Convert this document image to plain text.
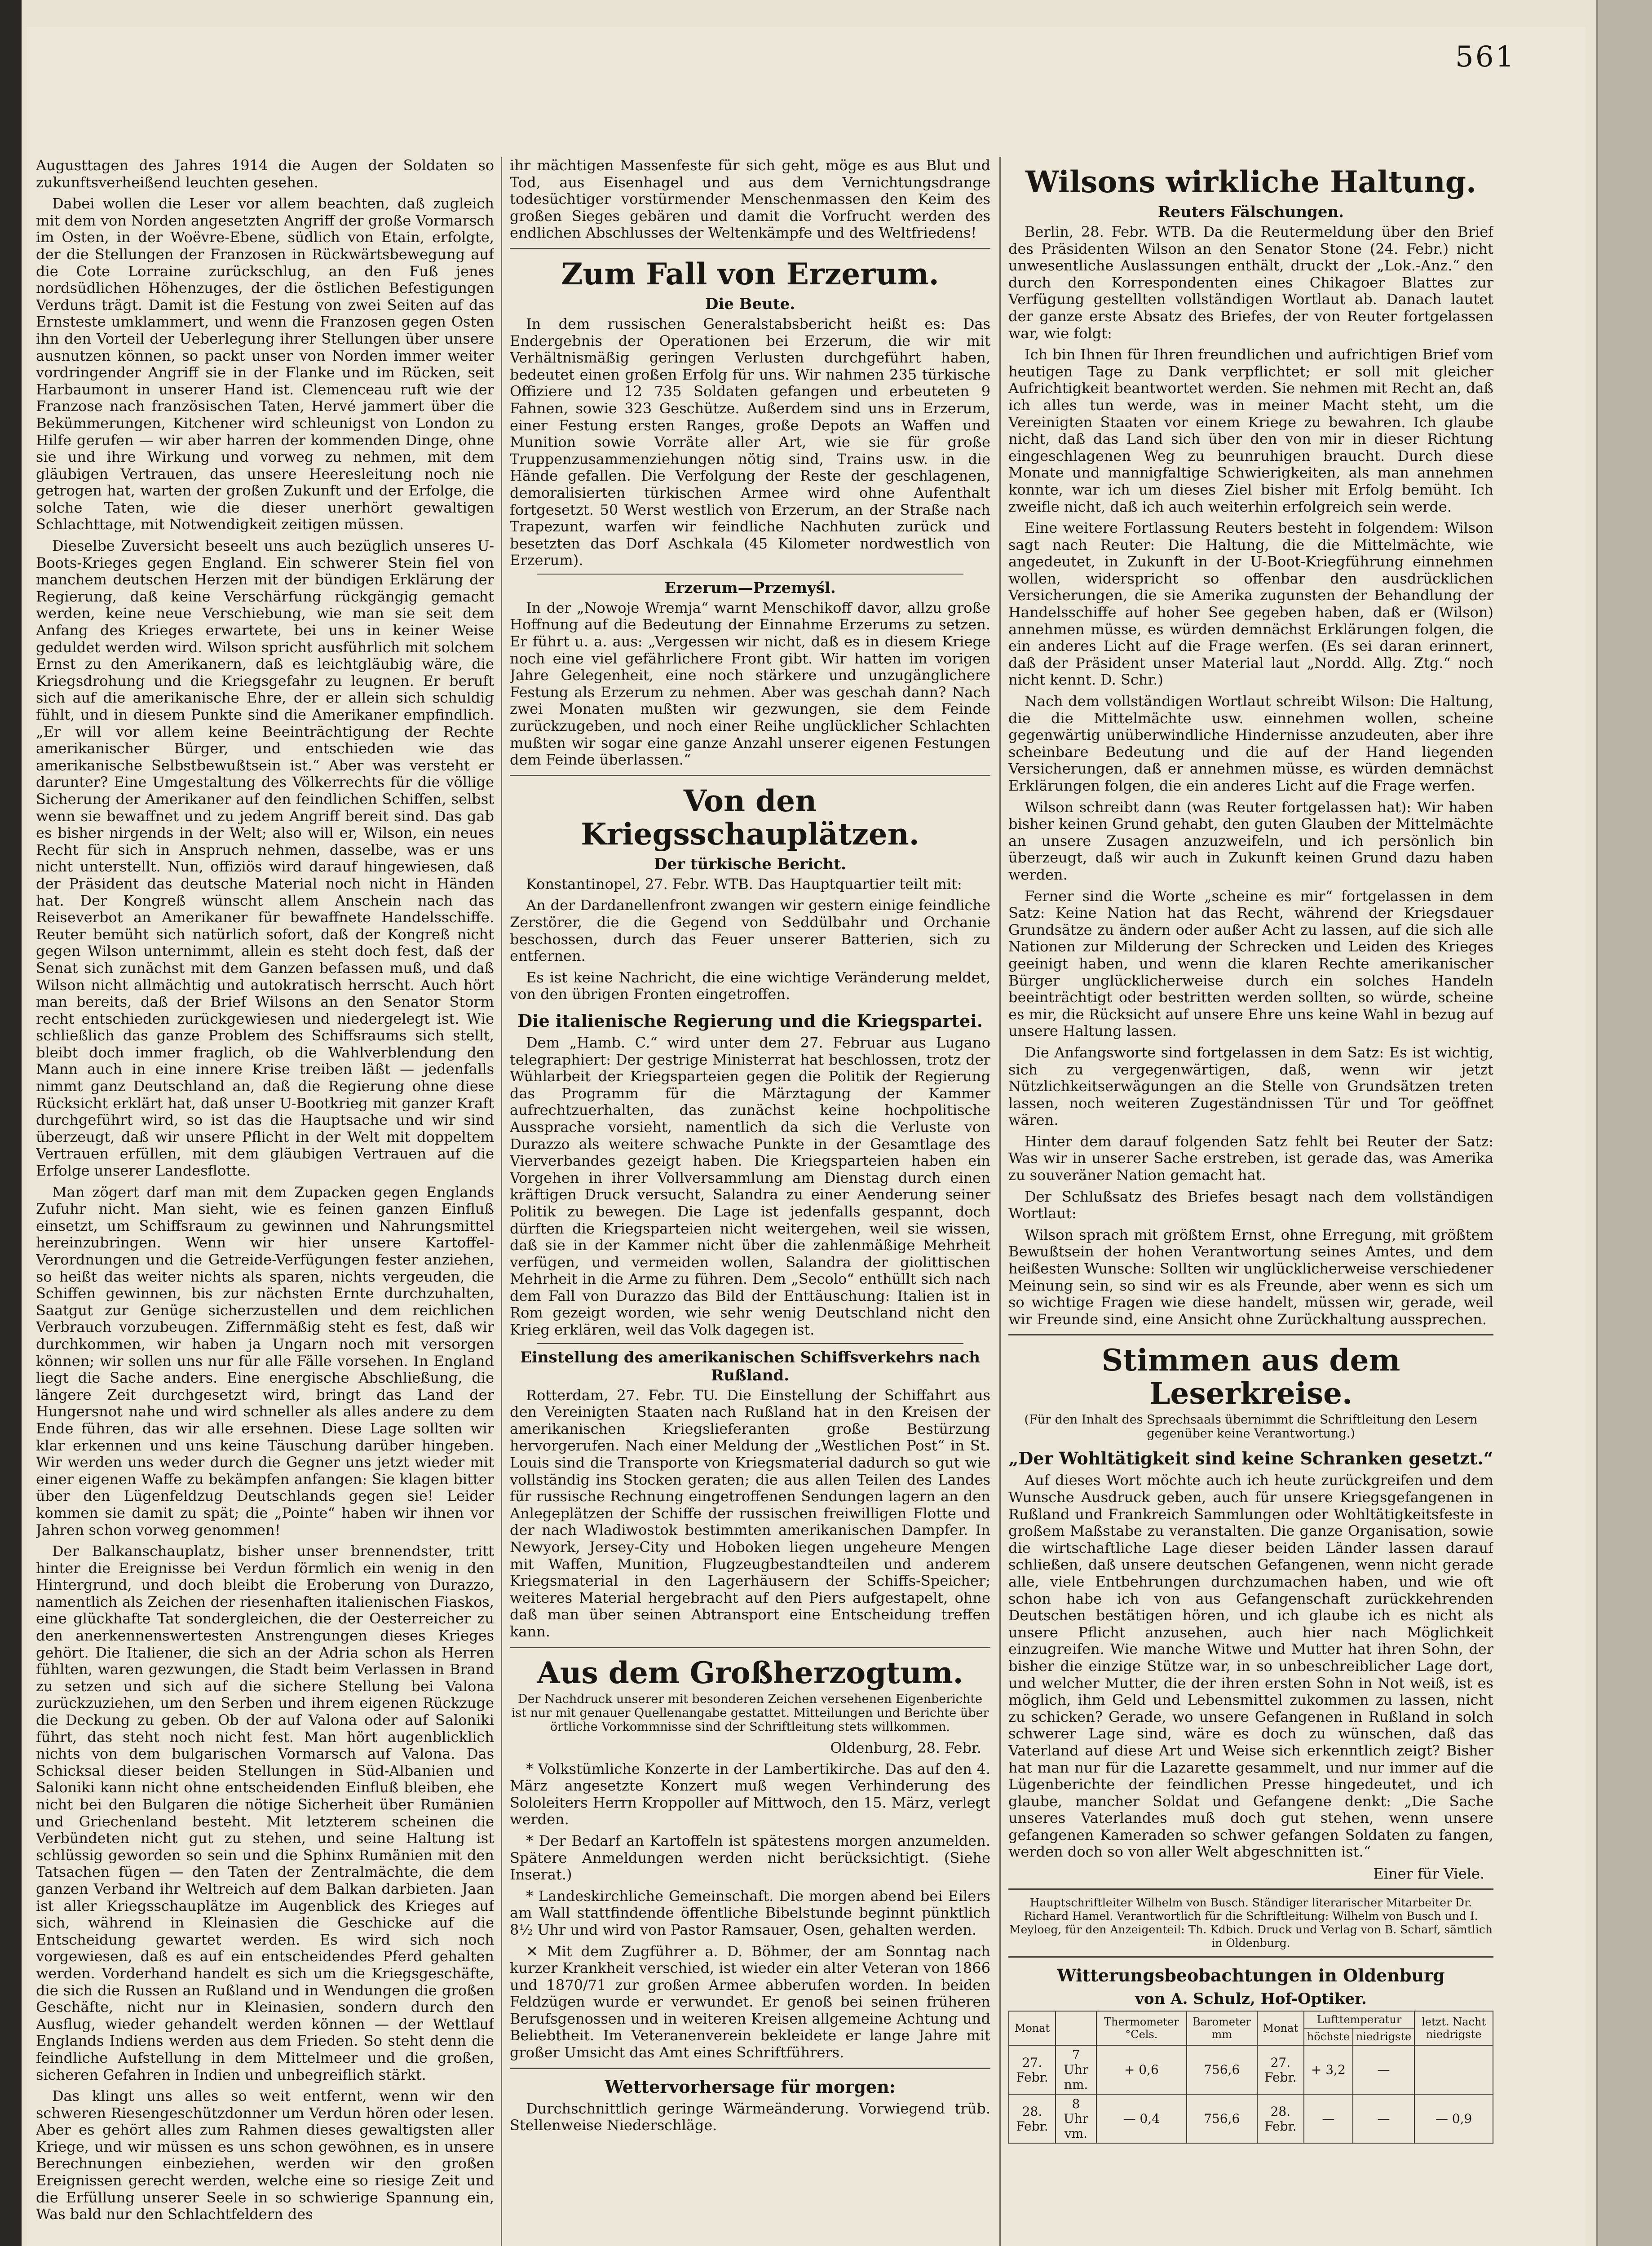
561

Augusttagen des Jahres 1914 die Augen der Soldaten so zukunftsverheißend leuchten gesehen.

Dabei wollen die Leser vor allem beachten, daß zugleich mit dem von Norden angesetzten Angriff der große Vormarsch im Osten, in der Woëvre-Ebene, südlich von Etain, erfolgte, der die Stellungen der Franzosen in Rückwärtsbewegung auf die Cote Lorraine zurückschlug, an den Fuß jenes nordsüdlichen Höhenzuges, der die östlichen Befestigungen Verduns trägt. Damit ist die Festung von zwei Seiten auf das Ernsteste umklammert, und wenn die Franzosen gegen Osten ihn den Vorteil der Ueberlegung ihrer Stellungen über unsere ausnutzen können, so packt unser von Norden immer weiter vordringender Angriff sie in der Flanke und im Rücken, seit Harbaumont in unserer Hand ist. Clemenceau ruft wie der Franzose nach französischen Taten, Hervé jammert über die Bekümmerungen, Kitchener wird schleunigst von London zu Hilfe gerufen — wir aber harren der kommenden Dinge, ohne sie und ihre Wirkung und vorweg zu nehmen, mit dem gläubigen Vertrauen, das unsere Heeresleitung noch nie getrogen hat, warten der großen Zukunft und der Erfolge, die solche Taten, wie die dieser unerhört gewaltigen Schlachttage, mit Notwendigkeit zeitigen müssen.

Dieselbe Zuversicht beseelt uns auch bezüglich unseres U-Boots-Krieges gegen England. Ein schwerer Stein fiel von manchem deutschen Herzen mit der bündigen Erklärung der Regierung, daß keine Verschärfung rückgängig gemacht werden, keine neue Verschiebung, wie man sie seit dem Anfang des Krieges erwartete, bei uns in keiner Weise geduldet werden wird. Wilson spricht ausführlich mit solchem Ernst zu den Amerikanern, daß es leichtgläubig wäre, die Kriegsdrohung und die Kriegsgefahr zu leugnen. Er beruft sich auf die amerikanische Ehre, der er allein sich schuldig fühlt, und in diesem Punkte sind die Amerikaner empfindlich. „Er will vor allem keine Beeinträchtigung der Rechte amerikanischer Bürger, und entschieden wie das amerikanische Selbstbewußtsein ist.“ Aber was versteht er darunter? Eine Umgestaltung des Völkerrechts für die völlige Sicherung der Amerikaner auf den feindlichen Schiffen, selbst wenn sie bewaffnet und zu jedem Angriff bereit sind. Das gab es bisher nirgends in der Welt; also will er, Wilson, ein neues Recht für sich in Anspruch nehmen, dasselbe, was er uns nicht unterstellt. Nun, offiziös wird darauf hingewiesen, daß der Präsident das deutsche Material noch nicht in Händen hat. Der Kongreß wünscht allem Anschein nach das Reiseverbot an Amerikaner für bewaffnete Handelsschiffe. Reuter bemüht sich natürlich sofort, daß der Kongreß nicht gegen Wilson unternimmt, allein es steht doch fest, daß der Senat sich zunächst mit dem Ganzen befassen muß, und daß Wilson nicht allmächtig und autokratisch herrscht. Auch hört man bereits, daß der Brief Wilsons an den Senator Storm recht entschieden zurückgewiesen und niedergelegt ist. Wie schließlich das ganze Problem des Schiffsraums sich stellt, bleibt doch immer fraglich, ob die Wahlverblendung den Mann auch in eine innere Krise treiben läßt — jedenfalls nimmt ganz Deutschland an, daß die Regierung ohne diese Rücksicht erklärt hat, daß unser U-Bootkrieg mit ganzer Kraft durchgeführt wird, so ist das die Hauptsache und wir sind überzeugt, daß wir unsere Pflicht in der Welt mit doppeltem Vertrauen erfüllen, mit dem gläubigen Vertrauen auf die Erfolge unserer Landesflotte.

Man zögert darf man mit dem Zupacken gegen Englands Zufuhr nicht. Man sieht, wie es feinen ganzen Einfluß einsetzt, um Schiffsraum zu gewinnen und Nahrungsmittel hereinzubringen. Wenn wir hier unsere Kartoffel-Verordnungen und die Getreide-Verfügungen fester anziehen, so heißt das weiter nichts als sparen, nichts vergeuden, die Schiffen gewinnen, bis zur nächsten Ernte durchzuhalten, Saatgut zur Genüge sicherzustellen und dem reichlichen Verbrauch vorzubeugen. Ziffernmäßig steht es fest, daß wir durchkommen, wir haben ja Ungarn noch mit versorgen können; wir sollen uns nur für alle Fälle vorsehen. In England liegt die Sache anders. Eine energische Abschließung, die längere Zeit durchgesetzt wird, bringt das Land der Hungersnot nahe und wird schneller als alles andere zu dem Ende führen, das wir alle ersehnen. Diese Lage sollten wir klar erkennen und uns keine Täuschung darüber hingeben. Wir werden uns weder durch die Gegner uns jetzt wieder mit einer eigenen Waffe zu bekämpfen anfangen: Sie klagen bitter über den Lügenfeldzug Deutschlands gegen sie! Leider kommen sie damit zu spät; die „Pointe“ haben wir ihnen vor Jahren schon vorweg genommen!

Der Balkanschauplatz, bisher unser brennendster, tritt hinter die Ereignisse bei Verdun förmlich ein wenig in den Hintergrund, und doch bleibt die Eroberung von Durazzo, namentlich als Zeichen der riesenhaften italienischen Fiaskos, eine glückhafte Tat sondergleichen, die der Oesterreicher zu den anerkennenswertesten Anstrengungen dieses Krieges gehört. Die Italiener, die sich an der Adria schon als Herren fühlten, waren gezwungen, die Stadt beim Verlassen in Brand zu setzen und sich auf die sichere Stellung bei Valona zurückzuziehen, um den Serben und ihrem eigenen Rückzuge die Deckung zu geben. Ob der auf Valona oder auf Saloniki führt, das steht noch nicht fest. Man hört augenblicklich nichts von dem bulgarischen Vormarsch auf Valona. Das Schicksal dieser beiden Stellungen in Süd-Albanien und Saloniki kann nicht ohne entscheidenden Einfluß bleiben, ehe nicht bei den Bulgaren die nötige Sicherheit über Rumänien und Griechenland besteht. Mit letzterem scheinen die Verbündeten nicht gut zu stehen, und seine Haltung ist schlüssig geworden so sein und die Sphinx Rumänien mit den Tatsachen fügen — den Taten der Zentralmächte, die dem ganzen Verband ihr Weltreich auf dem Balkan darbieten. Jaan ist aller Kriegsschauplätze im Augenblick des Krieges auf sich, während in Kleinasien die Geschicke auf die Entscheidung gewartet werden. Es wird sich noch vorgewiesen, daß es auf ein entscheidendes Pferd gehalten werden. Vorderhand handelt es sich um die Kriegsgeschäfte, die sich die Russen an Rußland und in Wendungen die großen Geschäfte, nicht nur in Kleinasien, sondern durch den Ausflug, wieder gehandelt werden können — der Wettlauf Englands Indiens werden aus dem Frieden. So steht denn die feindliche Aufstellung in dem Mittelmeer und die großen, sicheren Gefahren in Indien und unbegreiflich stärkt.

Das klingt uns alles so weit entfernt, wenn wir den schweren Riesengeschützdonner um Verdun hören oder lesen. Aber es gehört alles zum Rahmen dieses gewaltigsten aller Kriege, und wir müssen es uns schon gewöhnen, es in unsere Berechnungen einbeziehen, werden wir den großen Ereignissen gerecht werden, welche eine so riesige Zeit und die Erfüllung unserer Seele in so schwierige Spannung ein, Was bald nur den Schlachtfeldern des

ihr mächtigen Massenfeste für sich geht, möge es aus Blut und Tod, aus Eisenhagel und aus dem Vernichtungsdrange todesüchtiger vorstürmender Menschenmassen den Keim des großen Sieges gebären und damit die Vorfrucht werden des endlichen Abschlusses der Weltenkämpfe und des Weltfriedens!

Zum Fall von Erzerum.
Die Beute.

In dem russischen Generalstabsbericht heißt es: Das Endergebnis der Operationen bei Erzerum, die wir mit Verhältnismäßig geringen Verlusten durchgeführt haben, bedeutet einen großen Erfolg für uns. Wir nahmen 235 türkische Offiziere und 12 735 Soldaten gefangen und erbeuteten 9 Fahnen, sowie 323 Geschütze. Außerdem sind uns in Erzerum, einer Festung ersten Ranges, große Depots an Waffen und Munition sowie Vorräte aller Art, wie sie für große Truppenzusammenziehungen nötig sind, Trains usw. in die Hände gefallen. Die Verfolgung der Reste der geschlagenen, demoralisierten türkischen Armee wird ohne Aufenthalt fortgesetzt. 50 Werst westlich von Erzerum, an der Straße nach Trapezunt, warfen wir feindliche Nachhuten zurück und besetzten das Dorf Aschkala (45 Kilometer nordwestlich von Erzerum).

Erzerum—Przemyśl.

In der „Nowoje Wremja“ warnt Menschikoff davor, allzu große Hoffnung auf die Bedeutung der Einnahme Erzerums zu setzen. Er führt u. a. aus: „Vergessen wir nicht, daß es in diesem Kriege noch eine viel gefährlichere Front gibt. Wir hatten im vorigen Jahre Gelegenheit, eine noch stärkere und unzugänglichere Festung als Erzerum zu nehmen. Aber was geschah dann? Nach zwei Monaten mußten wir gezwungen, sie dem Feinde zurückzugeben, und noch einer Reihe unglücklicher Schlachten mußten wir sogar eine ganze Anzahl unserer eigenen Festungen dem Feinde überlassen.“

Von den Kriegsschauplätzen.
Der türkische Bericht.

Konstantinopel, 27. Febr. WTB. Das Hauptquartier teilt mit:

An der Dardanellenfront zwangen wir gestern einige feindliche Zerstörer, die die Gegend von Seddülbahr und Orchanie beschossen, durch das Feuer unserer Batterien, sich zu entfernen.

Es ist keine Nachricht, die eine wichtige Veränderung meldet, von den übrigen Fronten eingetroffen.

Die italienische Regierung und die Kriegspartei.

Dem „Hamb. C.“ wird unter dem 27. Februar aus Lugano telegraphiert: Der gestrige Ministerrat hat beschlossen, trotz der Wühlarbeit der Kriegsparteien gegen die Politik der Regierung das Programm für die Märztagung der Kammer aufrechtzuerhalten, das zunächst keine hochpolitische Aussprache vorsieht, namentlich da sich die Verluste von Durazzo als weitere schwache Punkte in der Gesamtlage des Vierverbandes gezeigt haben. Die Kriegsparteien haben ein Vorgehen in ihrer Vollversammlung am Dienstag durch einen kräftigen Druck versucht, Salandra zu einer Aenderung seiner Politik zu bewegen. Die Lage ist jedenfalls gespannt, doch dürften die Kriegsparteien nicht weitergehen, weil sie wissen, daß sie in der Kammer nicht über die zahlenmäßige Mehrheit verfügen, und vermeiden wollen, Salandra der giolittischen Mehrheit in die Arme zu führen. Dem „Secolo“ enthüllt sich nach dem Fall von Durazzo das Bild der Enttäuschung: Italien ist in Rom gezeigt worden, wie sehr wenig Deutschland nicht den Krieg erklären, weil das Volk dagegen ist.

Einstellung des amerikanischen Schiffsverkehrs nach Rußland.

Rotterdam, 27. Febr. TU. Die Einstellung der Schiffahrt aus den Vereinigten Staaten nach Rußland hat in den Kreisen der amerikanischen Kriegslieferanten große Bestürzung hervorgerufen. Nach einer Meldung der „Westlichen Post“ in St. Louis sind die Transporte von Kriegsmaterial dadurch so gut wie vollständig ins Stocken geraten; die aus allen Teilen des Landes für russische Rechnung eingetroffenen Sendungen lagern an den Anlegeplätzen der Schiffe der russischen freiwilligen Flotte und der nach Wladiwostok bestimmten amerikanischen Dampfer. In Newyork, Jersey-City und Hoboken liegen ungeheure Mengen mit Waffen, Munition, Flugzeugbestandteilen und anderem Kriegsmaterial in den Lagerhäusern der Schiffs-Speicher; weiteres Material hergebracht auf den Piers aufgestapelt, ohne daß man über seinen Abtransport eine Entscheidung treffen kann.

Aus dem Großherzogtum.
Der Nachdruck unserer mit besonderen Zeichen versehenen Eigenberichte ist nur mit genauer Quellenangabe gestattet. Mitteilungen und Berichte über örtliche Vorkommnisse sind der Schriftleitung stets willkommen.
Oldenburg, 28. Febr.

* Volkstümliche Konzerte in der Lambertikirche. Das auf den 4. März angesetzte Konzert muß wegen Verhinderung des Sololeiters Herrn Kroppoller auf Mittwoch, den 15. März, verlegt werden.

* Der Bedarf an Kartoffeln ist spätestens morgen anzumelden. Spätere Anmeldungen werden nicht berücksichtigt. (Siehe Inserat.)

* Landeskirchliche Gemeinschaft. Die morgen abend bei Eilers am Wall stattfindende öffentliche Bibelstunde beginnt pünktlich 8½ Uhr und wird von Pastor Ramsauer, Osen, gehalten werden.

✕ Mit dem Zugführer a. D. Böhmer, der am Sonntag nach kurzer Krankheit verschied, ist wieder ein alter Veteran von 1866 und 1870/71 zur großen Armee abberufen worden. In beiden Feldzügen wurde er verwundet. Er genoß bei seinen früheren Berufsgenossen und in weiteren Kreisen allgemeine Achtung und Beliebtheit. Im Veteranenverein bekleidete er lange Jahre mit großer Umsicht das Amt eines Schriftführers.

Wettervorhersage für morgen:

Durchschnittlich geringe Wärmeänderung. Vorwiegend trüb. Stellenweise Niederschläge.

Wilsons wirkliche Haltung.
Reuters Fälschungen.

Berlin, 28. Febr. WTB. Da die Reutermeldung über den Brief des Präsidenten Wilson an den Senator Stone (24. Febr.) nicht unwesentliche Auslassungen enthält, druckt der „Lok.-Anz.“ den durch den Korrespondenten eines Chikagoer Blattes zur Verfügung gestellten vollständigen Wortlaut ab. Danach lautet der ganze erste Absatz des Briefes, der von Reuter fortgelassen war, wie folgt:

Ich bin Ihnen für Ihren freundlichen und aufrichtigen Brief vom heutigen Tage zu Dank verpflichtet; er soll mit gleicher Aufrichtigkeit beantwortet werden. Sie nehmen mit Recht an, daß ich alles tun werde, was in meiner Macht steht, um die Vereinigten Staaten vor einem Kriege zu bewahren. Ich glaube nicht, daß das Land sich über den von mir in dieser Richtung eingeschlagenen Weg zu beunruhigen braucht. Durch diese Monate und mannigfaltige Schwierigkeiten, als man annehmen konnte, war ich um dieses Ziel bisher mit Erfolg bemüht. Ich zweifle nicht, daß ich auch weiterhin erfolgreich sein werde.

Eine weitere Fortlassung Reuters besteht in folgendem: Wilson sagt nach Reuter: Die Haltung, die die Mittelmächte, wie angedeutet, in Zukunft in der U-Boot-Kriegführung einnehmen wollen, widerspricht so offenbar den ausdrücklichen Versicherungen, die sie Amerika zugunsten der Behandlung der Handelsschiffe auf hoher See gegeben haben, daß er (Wilson) annehmen müsse, es würden demnächst Erklärungen folgen, die ein anderes Licht auf die Frage werfen. (Es sei daran erinnert, daß der Präsident unser Material laut „Nordd. Allg. Ztg.“ noch nicht kennt. D. Schr.)

Nach dem vollständigen Wortlaut schreibt Wilson: Die Haltung, die die Mittelmächte usw. einnehmen wollen, scheine gegenwärtig unüberwindliche Hindernisse anzudeuten, aber ihre scheinbare Bedeutung und die auf der Hand liegenden Versicherungen, daß er annehmen müsse, es würden demnächst Erklärungen folgen, die ein anderes Licht auf die Frage werfen.

Wilson schreibt dann (was Reuter fortgelassen hat): Wir haben bisher keinen Grund gehabt, den guten Glauben der Mittelmächte an unsere Zusagen anzuzweifeln, und ich persönlich bin überzeugt, daß wir auch in Zukunft keinen Grund dazu haben werden.

Ferner sind die Worte „scheine es mir“ fortgelassen in dem Satz: Keine Nation hat das Recht, während der Kriegsdauer Grundsätze zu ändern oder außer Acht zu lassen, auf die sich alle Nationen zur Milderung der Schrecken und Leiden des Krieges geeinigt haben, und wenn die klaren Rechte amerikanischer Bürger unglücklicherweise durch ein solches Handeln beeinträchtigt oder bestritten werden sollten, so würde, scheine es mir, die Rücksicht auf unsere Ehre uns keine Wahl in bezug auf unsere Haltung lassen.

Die Anfangsworte sind fortgelassen in dem Satz: Es ist wichtig, sich zu vergegenwärtigen, daß, wenn wir jetzt Nützlichkeitserwägungen an die Stelle von Grundsätzen treten lassen, noch weiteren Zugeständnissen Tür und Tor geöffnet wären.

Hinter dem darauf folgenden Satz fehlt bei Reuter der Satz: Was wir in unserer Sache erstreben, ist gerade das, was Amerika zu souveräner Nation gemacht hat.

Der Schlußsatz des Briefes besagt nach dem vollständigen Wortlaut:

Wilson sprach mit größtem Ernst, ohne Erregung, mit größtem Bewußtsein der hohen Verantwortung seines Amtes, und dem heißesten Wunsche: Sollten wir unglücklicherweise verschiedener Meinung sein, so sind wir es als Freunde, aber wenn es sich um so wichtige Fragen wie diese handelt, müssen wir, gerade, weil wir Freunde sind, eine Ansicht ohne Zurückhaltung aussprechen.

Stimmen aus dem Leserkreise.
(Für den Inhalt des Sprechsaals übernimmt die Schriftleitung den Lesern gegenüber keine Verantwortung.)
„Der Wohltätigkeit sind keine Schranken gesetzt.“

Auf dieses Wort möchte auch ich heute zurückgreifen und dem Wunsche Ausdruck geben, auch für unsere Kriegsgefangenen in Rußland und Frankreich Sammlungen oder Wohltätigkeitsfeste in großem Maßstabe zu veranstalten. Die ganze Organisation, sowie die wirtschaftliche Lage dieser beiden Länder lassen darauf schließen, daß unsere deutschen Gefangenen, wenn nicht gerade alle, viele Entbehrungen durchzumachen haben, und wie oft schon habe ich von aus Gefangenschaft zurückkehrenden Deutschen bestätigen hören, und ich glaube ich es nicht als unsere Pflicht anzusehen, auch hier nach Möglichkeit einzugreifen. Wie manche Witwe und Mutter hat ihren Sohn, der bisher die einzige Stütze war, in so unbeschreiblicher Lage dort, und welcher Mutter, die der ihren ersten Sohn in Not weiß, ist es möglich, ihm Geld und Lebensmittel zukommen zu lassen, nicht zu schicken? Gerade, wo unsere Gefangenen in Rußland in solch schwerer Lage sind, wäre es doch zu wünschen, daß das Vaterland auf diese Art und Weise sich erkenntlich zeigt? Bisher hat man nur für die Lazarette gesammelt, und nur immer auf die Lügenberichte der feindlichen Presse hingedeutet, und ich glaube, mancher Soldat und Gefangene denkt: „Die Sache unseres Vaterlandes muß doch gut stehen, wenn unsere gefangenen Kameraden so schwer gefangen Soldaten zu fangen, werden doch so von aller Welt abgeschnitten ist.“

Einer für Viele.
Hauptschriftleiter Wilhelm von Busch. Ständiger literarischer Mitarbeiter Dr. Richard Hamel. Verantwortlich für die Schriftleitung: Wilhelm von Busch und I. Meyloeg, für den Anzeigenteil: Th. Kdbich. Druck und Verlag von B. Scharf, sämtlich in Oldenburg.
Witterungsbeobachtungen in Oldenburg
von A. Schulz, Hof-Optiker.
Monat		Thermometer °Cels.	Barometer mm	Monat	Lufttemperatur		letzt. Nacht niedrigste
					höchste	niedrigste	
27. Febr.	7 Uhr nm.	+ 0,6	756,6	27. Febr.	+ 3,2	—	
28. Febr.	8 Uhr vm.	— 0,4	756,6	28. Febr.	—	—	— 0,9
